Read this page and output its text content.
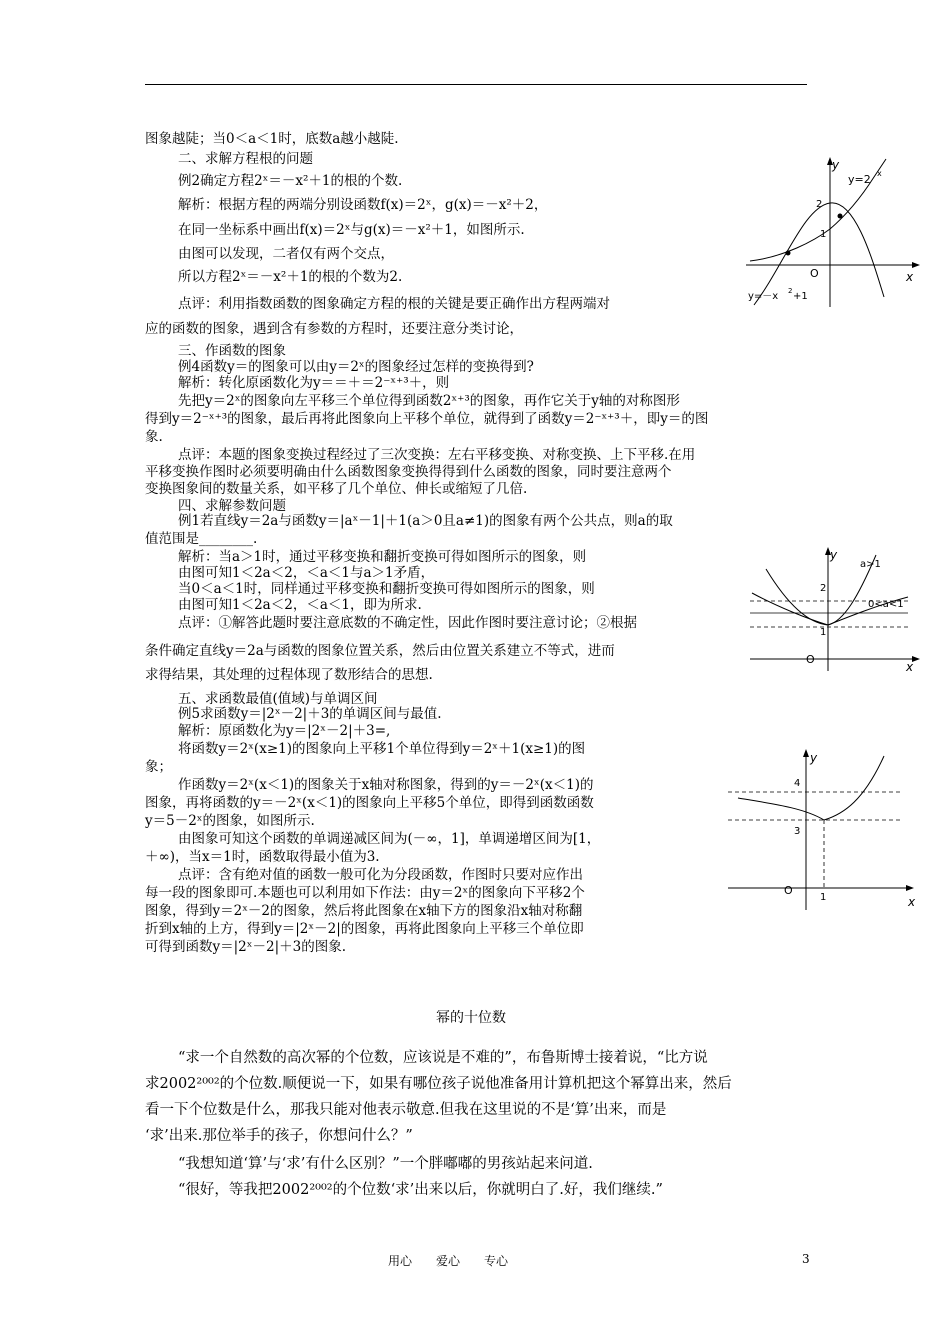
图象越陡；当0＜a＜1时，底数a越小越陡.
二、求解方程根的问题
例2确定方程2ˣ＝－x²＋1的根的个数.
解析：根据方程的两端分别设函数f(x)＝2ˣ，g(x)＝－x²＋2，
在同一坐标系中画出f(x)＝2ˣ与g(x)＝－x²＋1，如图所示.
由图可以发现，二者仅有两个交点，
所以方程2ˣ＝－x²＋1的根的个数为2.
点评：利用指数函数的图象确定方程的根的关键是要正确作出方程两端对
应的函数的图象，遇到含有参数的方程时，还要注意分类讨论，
三、作函数的图象
例4函数y＝的图象可以由y＝2ˣ的图象经过怎样的变换得到?
解析：转化原函数化为y＝＝＋＝2⁻ˣ⁺³＋，则
先把y＝2ˣ的图象向左平移三个单位得到函数2ˣ⁺³的图象，再作它关于y轴的对称图形
得到y＝2⁻ˣ⁺³的图象，最后再将此图象向上平移个单位，就得到了函数y＝2⁻ˣ⁺³＋，即y＝的图
象.
点评：本题的图象变换过程经过了三次变换：左右平移变换、对称变换、上下平移.在用
平移变换作图时必须要明确由什么函数图象变换得得到什么函数的图象，同时要注意两个
变换图象间的数量关系，如平移了几个单位、伸长或缩短了几倍.
四、求解参数问题
例1若直线y＝2a与函数y＝|aˣ－1|＋1(a＞0且a≠1)的图象有两个公共点，则a的取
值范围是________.
解析：当a＞1时，通过平移变换和翻折变换可得如图所示的图象，则
由图可知1＜2a＜2，＜a＜1与a＞1矛盾，
当0＜a＜1时，同样通过平移变换和翻折变换可得如图所示的图象，则
由图可知1＜2a＜2，＜a＜1，即为所求.
点评：①解答此题时要注意底数的不确定性，因此作图时要注意讨论；②根据
条件确定直线y＝2a与函数的图象位置关系，然后由位置关系建立不等式，进而
求得结果，其处理的过程体现了数形结合的思想.
五、求函数最值(值域)与单调区间
例5求函数y＝|2ˣ－2|＋3的单调区间与最值.
解析：原函数化为y＝|2ˣ－2|＋3=,
将函数y＝2ˣ(x≥1)的图象向上平移1个单位得到y＝2ˣ＋1(x≥1)的图
象；
作函数y＝2ˣ(x＜1)的图象关于x轴对称图象，得到的y＝－2ˣ(x＜1)的
图象，再将函数的y＝－2ˣ(x＜1)的图象向上平移5个单位，即得到函数函数
y＝5－2ˣ的图象，如图所示.
由图象可知这个函数的单调递减区间为(－∞，1]，单调递增区间为[1，
＋∞)，当x＝1时，函数取得最小值为3.
点评：含有绝对值的函数一般可化为分段函数，作图时只要对应作出
每一段的图象即可.本题也可以利用如下作法：由y＝2ˣ的图象向下平移2个
图象，得到y＝2ˣ－2的图象，然后将此图象在x轴下方的图象沿x轴对称翻
折到x轴的上方，得到y＝|2ˣ－2|的图象，再将此图象向上平移三个单位即
可得到函数y＝|2ˣ－2|＋3的图象.
y
x
O
2
1
y=2 x
y=－x 2 +1
y
x
O
2
1
a>1
0<a<1
y
x
O
4
3
1
幂的十位数
“求一个自然数的高次幂的个位数，应该说是不难的”，布鲁斯博士接着说，“比方说
求2002²⁰⁰²的个位数.顺便说一下，如果有哪位孩子说他准备用计算机把这个幂算出来，然后
看一下个位数是什么，那我只能对他表示敬意.但我在这里说的不是‘算’出来，而是
‘求’出来.那位举手的孩子，你想问什么？”
“我想知道‘算’与‘求’有什么区别？”一个胖嘟嘟的男孩站起来问道.
“很好，等我把2002²⁰⁰²的个位数‘求’出来以后，你就明白了.好，我们继续.”
用心　　爱心　　专心	3
